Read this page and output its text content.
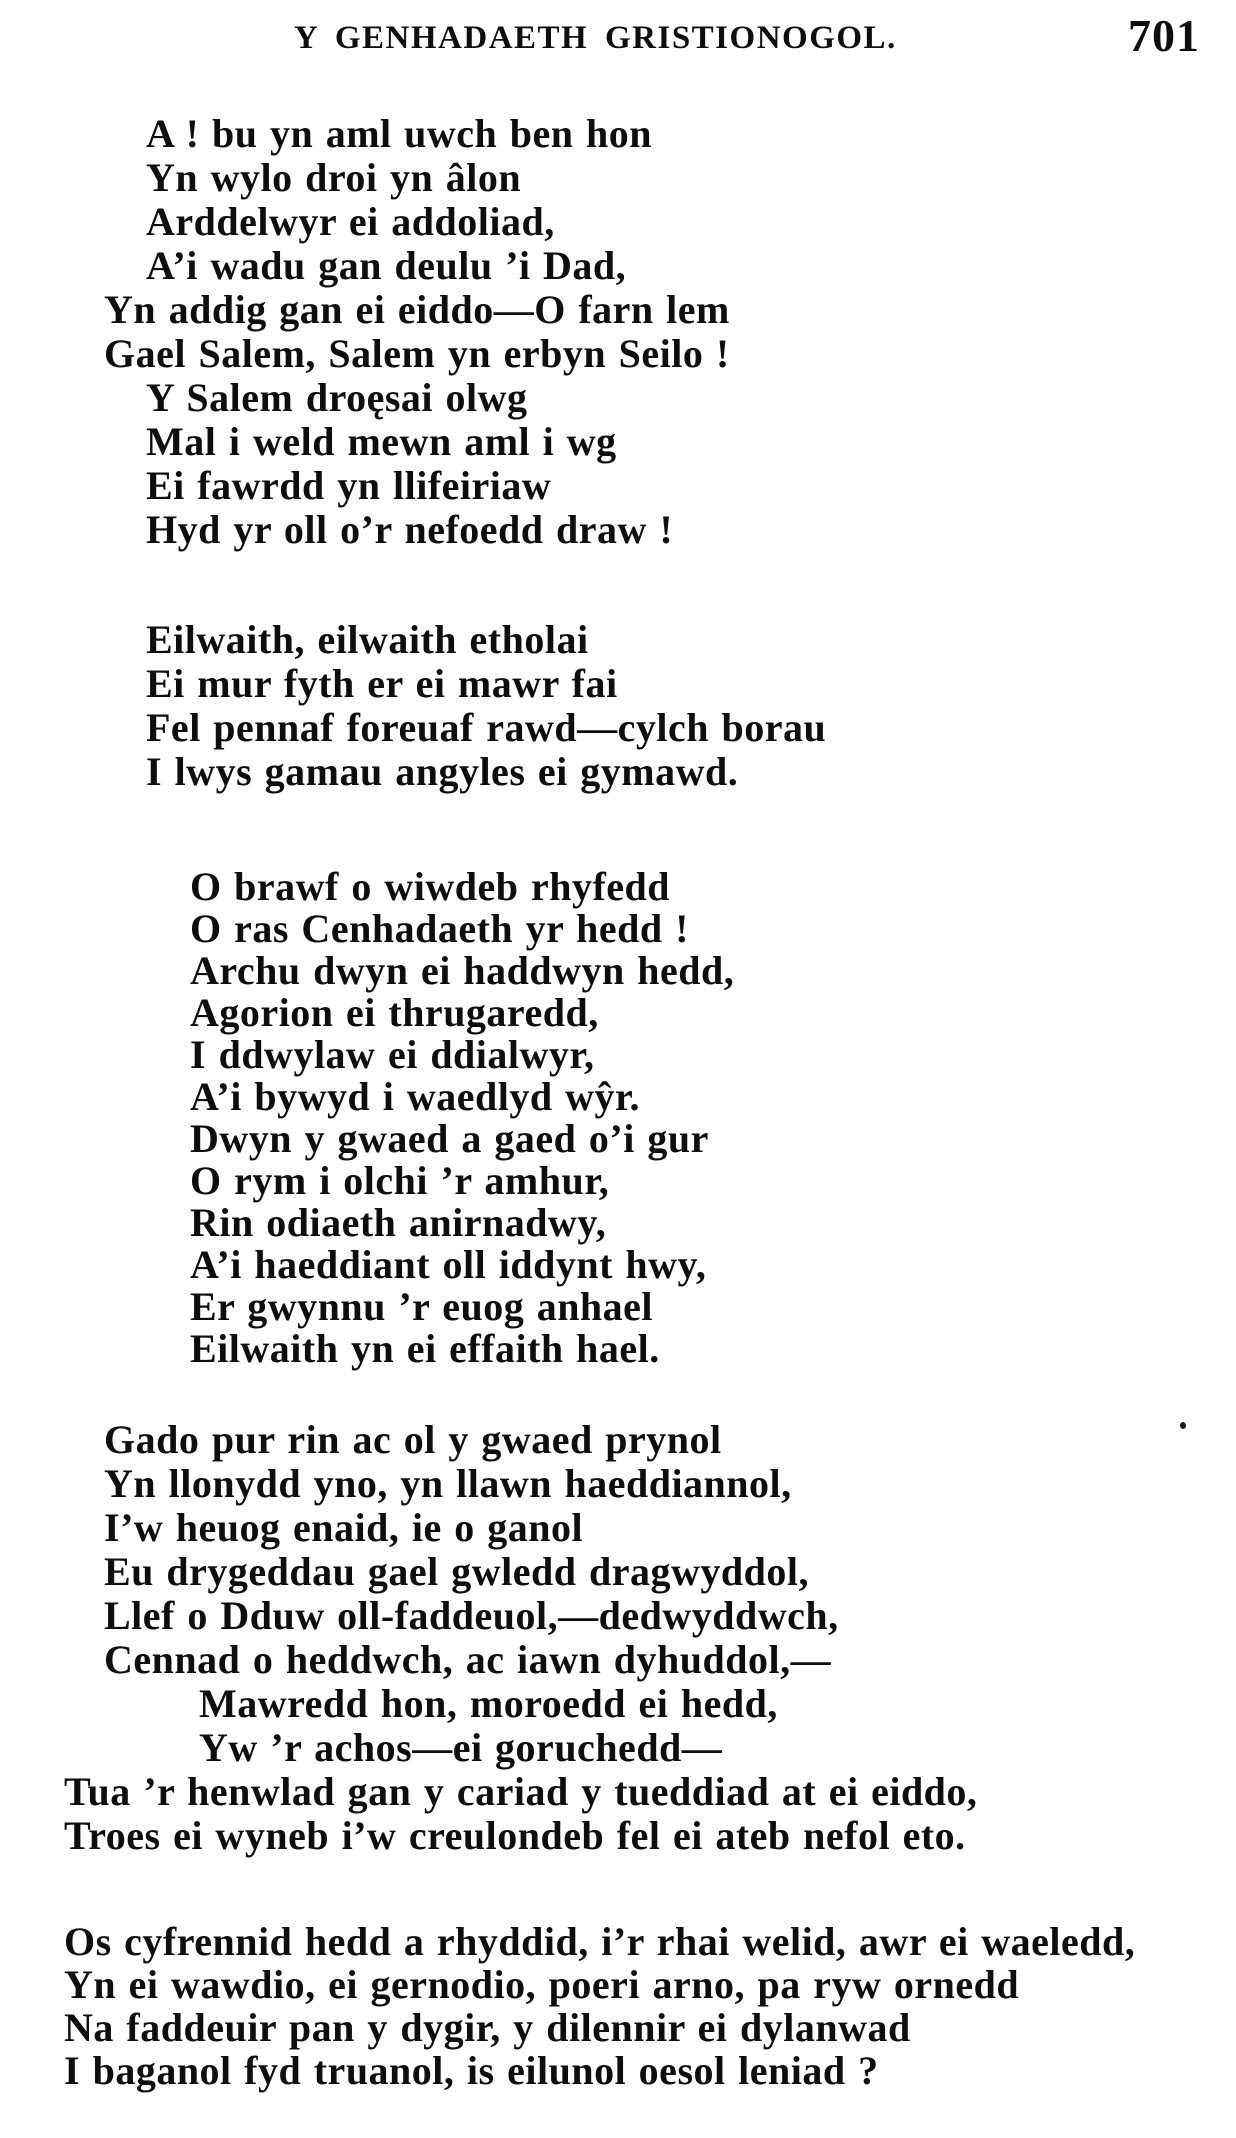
Y GENHADAETH GRISTIONOGOL.	701
A ! bu yn aml uwch ben hon
Yn wylo droi yn âlon
Arddelwyr ei addoliad,
A’i wadu gan deulu ’i Dad,
Yn addig gan ei eiddo—O farn lem
Gael Salem, Salem yn erbyn Seilo !
Y Salem droęsai olwg
Mal i weld mewn aml i wg
Ei fawrdd yn llifeiriaw
Hyd yr oll o’r nefoedd draw !
Eilwaith, eilwaith etholai
Ei mur fyth er ei mawr fai
Fel pennaf foreuaf rawd—cylch borau
I lwys gamau angyles ei gymawd.
O brawf o wiwdeb rhyfedd
O ras Cenhadaeth yr hedd !
Archu dwyn ei haddwyn hedd,
Agorion ei thrugaredd,
I ddwylaw ei ddialwyr,
A’i bywyd i waedlyd wŷr.
Dwyn y gwaed a gaed o’i gur
O rym i olchi ’r amhur,
Rin odiaeth anirnadwy,
A’i haeddiant oll iddynt hwy,
Er gwynnu ’r euog anhael
Eilwaith yn ei effaith hael.
Gado pur rin ac ol y gwaed prynol
Yn llonydd yno, yn llawn haeddiannol,
I’w heuog enaid, ie o ganol
Eu drygeddau gael gwledd dragwyddol,
Llef o Dduw oll-faddeuol,—dedwyddwch,
Cennad o heddwch, ac iawn dyhuddol,—
Mawredd hon, moroedd ei hedd,
Yw ’r achos—ei goruchedd—
Tua ’r henwlad gan y cariad y tueddiad at ei eiddo,
Troes ei wyneb i’w creulondeb fel ei ateb nefol eto.
Os cyfrennid hedd a rhyddid, i’r rhai welid, awr ei waeledd,
Yn ei wawdio, ei gernodio, poeri arno, pa ryw ornedd
Na faddeuir pan y dygir, y dilennir ei dylanwad
I baganol fyd truanol, is eilunol oesol leniad ?
